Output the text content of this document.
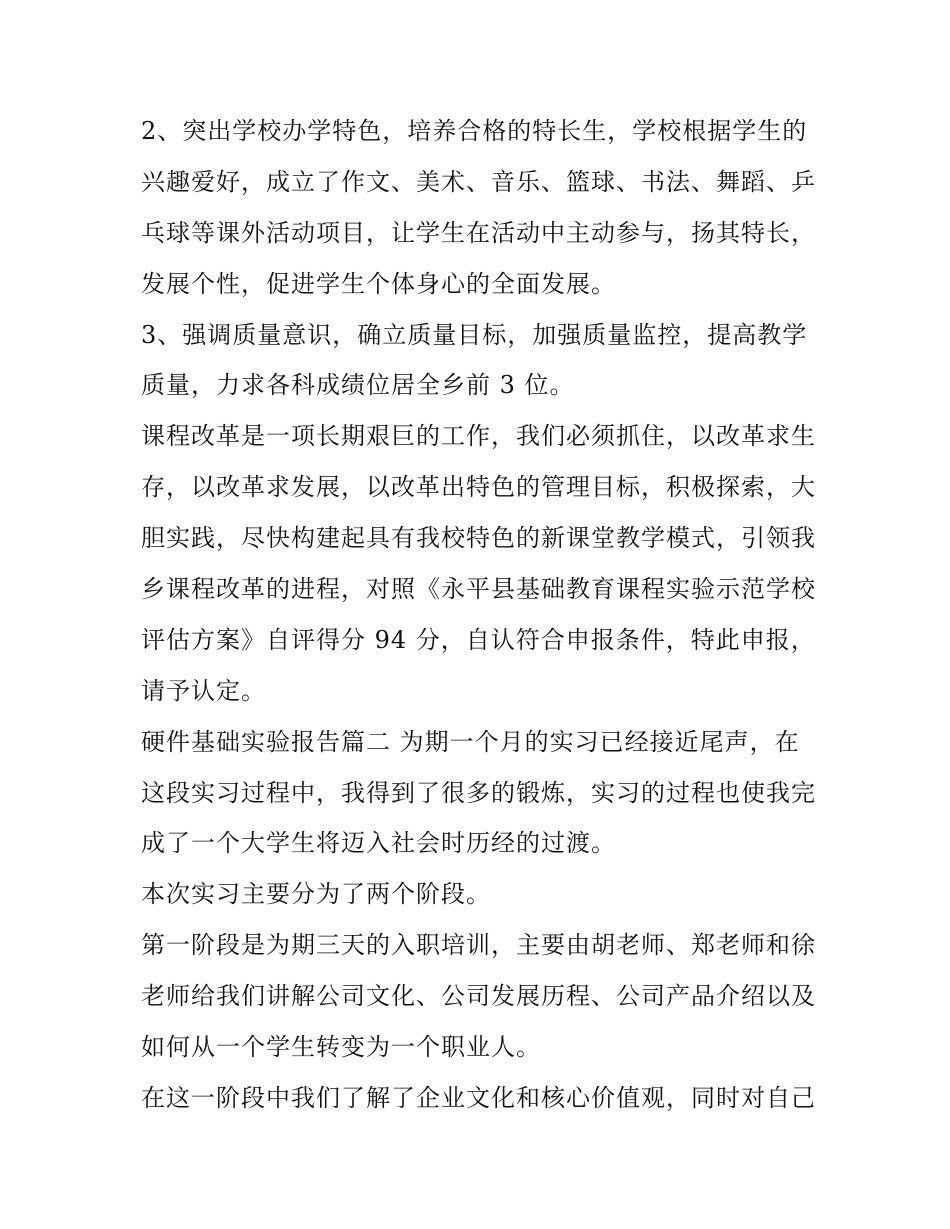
2、突出学校办学特色，培养合格的特长生，学校根据学生的
兴趣爱好，成立了作文、美术、音乐、篮球、书法、舞蹈、乒
乓球等课外活动项目，让学生在活动中主动参与，扬其特长，
发展个性，促进学生个体身心的全面发展。
3、强调质量意识，确立质量目标，加强质量监控，提高教学
质量，力求各科成绩位居全乡前 3 位。
课程改革是一项长期艰巨的工作，我们必须抓住，以改革求生
存，以改革求发展，以改革出特色的管理目标，积极探索，大
胆实践，尽快构建起具有我校特色的新课堂教学模式，引领我
乡课程改革的进程，对照《永平县基础教育课程实验示范学校
评估方案》自评得分 94 分，自认符合申报条件，特此申报，
请予认定。
硬件基础实验报告篇二 为期一个月的实习已经接近尾声，在
这段实习过程中，我得到了很多的锻炼，实习的过程也使我完
成了一个大学生将迈入社会时历经的过渡。
本次实习主要分为了两个阶段。
第一阶段是为期三天的入职培训，主要由胡老师、郑老师和徐
老师给我们讲解公司文化、公司发展历程、公司产品介绍以及
如何从一个学生转变为一个职业人。
在这一阶段中我们了解了企业文化和核心价值观，同时对自己
